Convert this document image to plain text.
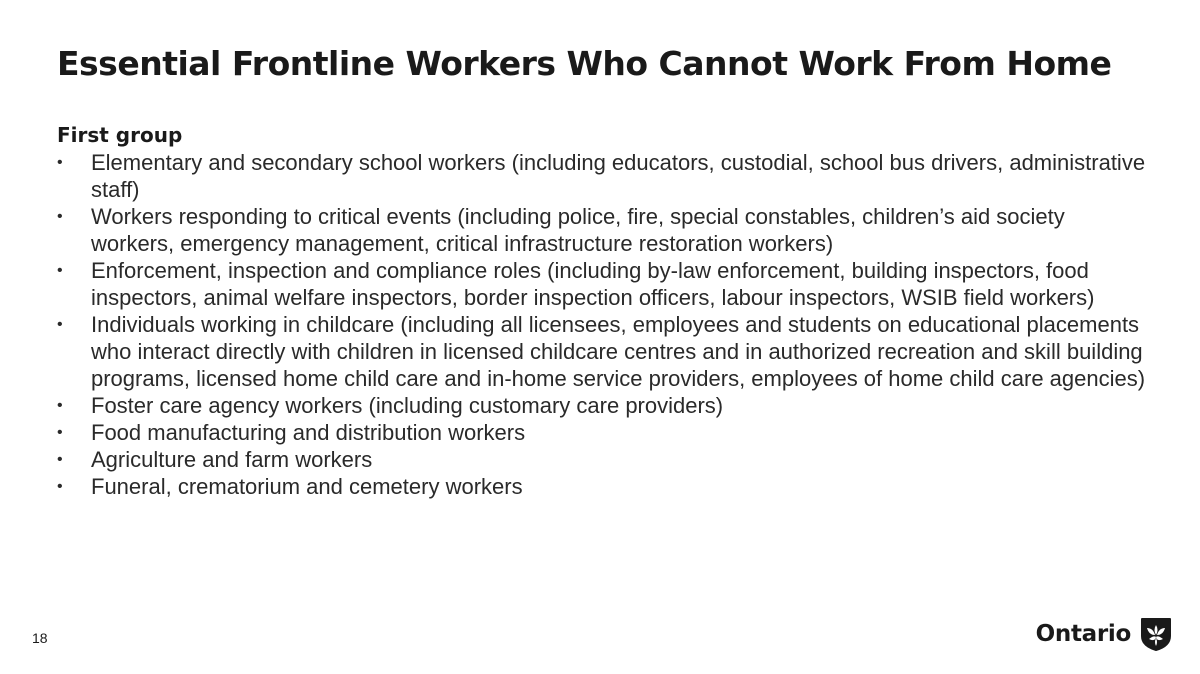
Essential Frontline Workers Who Cannot Work From Home
First group
• Elementary and secondary school workers (including educators, custodial, school bus drivers, administrative staff)
• Workers responding to critical events (including police, fire, special constables, children’s aid society workers, emergency management, critical infrastructure restoration workers)
• Enforcement, inspection and compliance roles (including by-law enforcement, building inspectors, food inspectors, animal welfare inspectors, border inspection officers, labour inspectors, WSIB field workers)
• Individuals working in childcare (including all licensees, employees and students on educational placements who interact directly with children in licensed childcare centres and in authorized recreation and skill building programs, licensed home child care and in-home service providers, employees of home child care agencies)
• Foster care agency workers (including customary care providers)
• Food manufacturing and distribution workers
• Agriculture and farm workers
• Funeral, crematorium and cemetery workers
18	Ontario
